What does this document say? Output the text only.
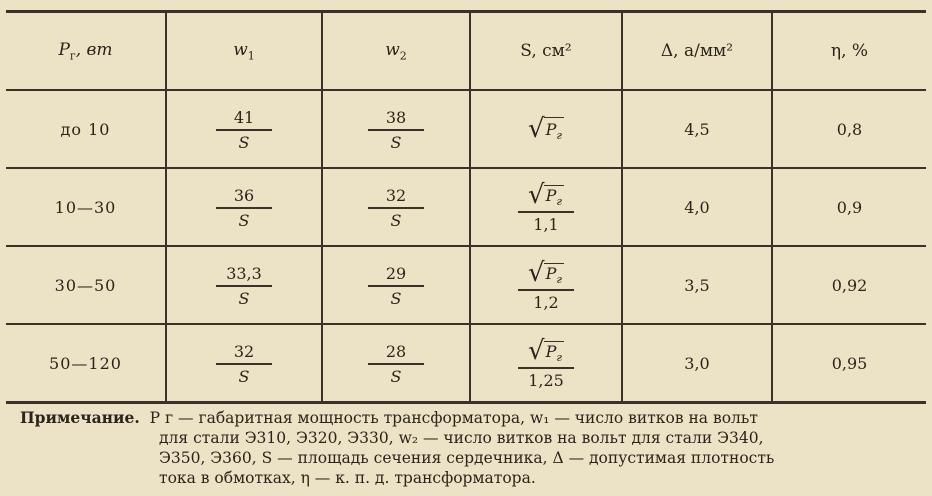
$P_г$, вт	$w_1$	$w_2$	S, см²	Δ, а/мм²	η, %
до 10	$\frac{41}{S}$	$\frac{38}{S}$	√ $P_г$	4,5	0,8
10—30	$\frac{36}{S}$	$\frac{32}{S}$	$\frac{√ P_г}{1,1}$	4,0	0,9
30—50	$\frac{33,3}{S}$	$\frac{29}{S}$	$\frac{√ P_г}{1,2}$	3,5	0,92
50—120	$\frac{32}{S}$	$\frac{28}{S}$	$\frac{√ P_г}{1,25}$	3,0	0,95

Примечание. P г — габаритная мощность трансформатора, w₁ — число витков на вольт
для стали Э310, Э320, Э330, w₂ — число витков на вольт для стали Э340,
Э350, Э360, S — площадь сечения сердечника, Δ — допустимая плотность
тока в обмотках, η — к. п. д. трансформатора.
